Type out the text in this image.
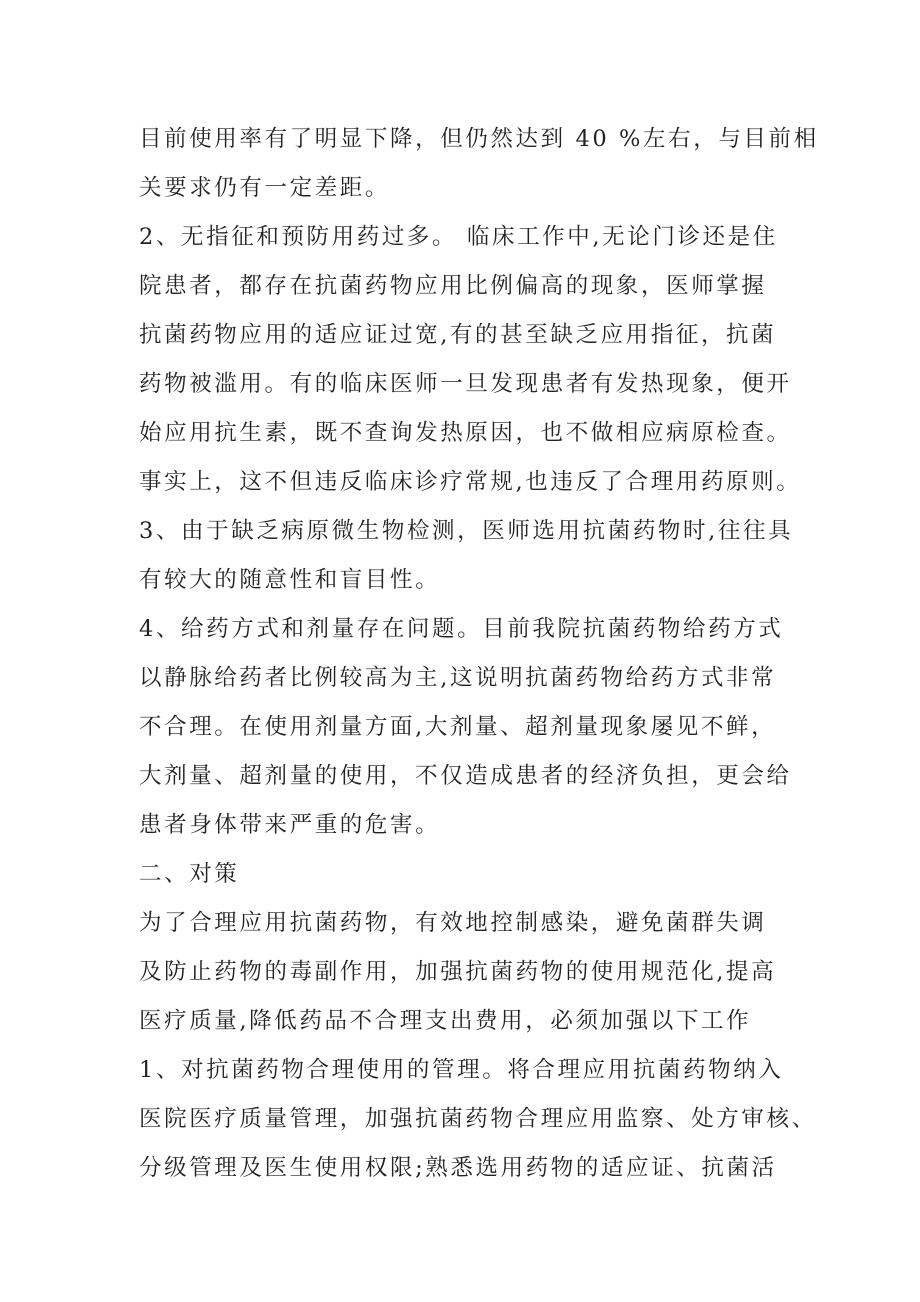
目前使用率有了明显下降，但仍然达到 40 %左右，与目前相
关要求仍有一定差距。
2、无指征和预防用药过多。 临床工作中,无论门诊还是住
院患者，都存在抗菌药物应用比例偏高的现象，医师掌握
抗菌药物应用的适应证过宽,有的甚至缺乏应用指征，抗菌
药物被滥用。有的临床医师一旦发现患者有发热现象，便开
始应用抗生素，既不查询发热原因，也不做相应病原检查。
事实上，这不但违反临床诊疗常规,也违反了合理用药原则。
3、由于缺乏病原微生物检测，医师选用抗菌药物时,往往具
有较大的随意性和盲目性。
4、给药方式和剂量存在问题。目前我院抗菌药物给药方式
以静脉给药者比例较高为主,这说明抗菌药物给药方式非常
不合理。在使用剂量方面,大剂量、超剂量现象屡见不鲜，
大剂量、超剂量的使用，不仅造成患者的经济负担，更会给
患者身体带来严重的危害。
二、对策
为了合理应用抗菌药物，有效地控制感染，避免菌群失调
及防止药物的毒副作用，加强抗菌药物的使用规范化,提高
医疗质量,降低药品不合理支出费用，必须加强以下工作
1、对抗菌药物合理使用的管理。将合理应用抗菌药物纳入
医院医疗质量管理，加强抗菌药物合理应用监察、处方审核、
分级管理及医生使用权限;熟悉选用药物的适应证、抗菌活
